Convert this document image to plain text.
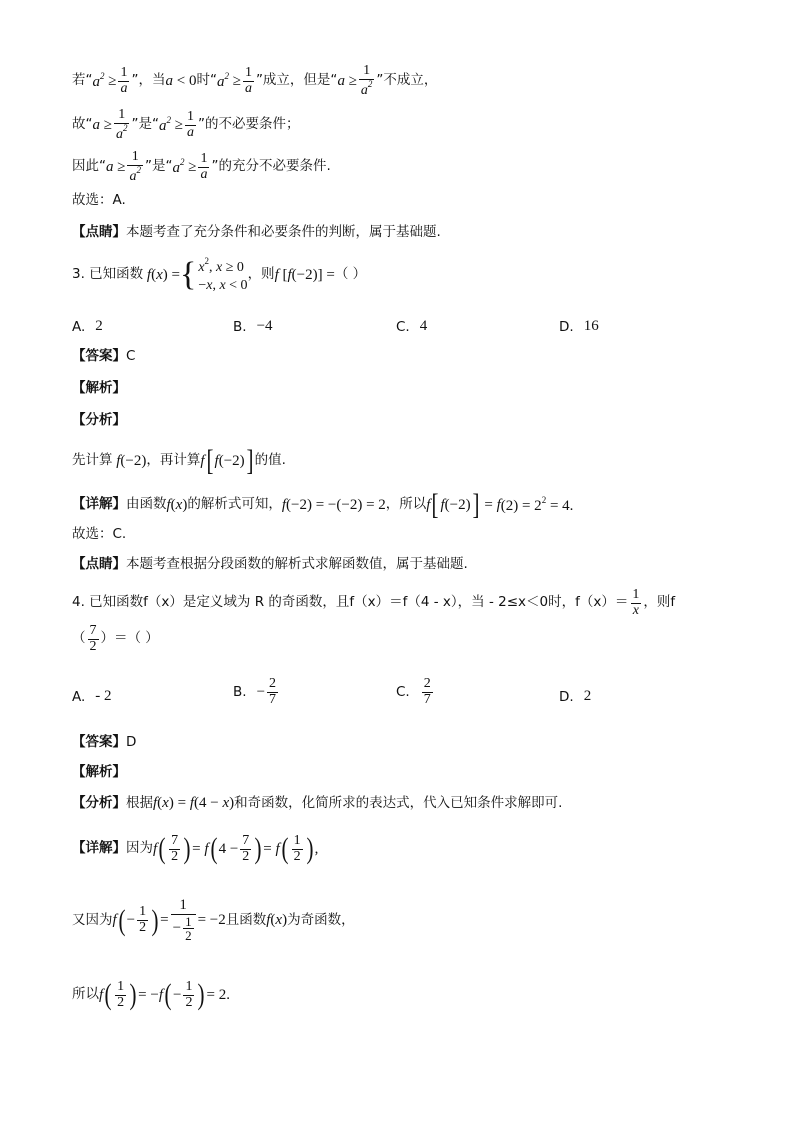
若“ $a^2 \ge \frac{1}{a}$ ”，当 a < 0 时“ $a^2 \ge \frac{1}{a}$ ”成立，但是“ $a \ge \frac{1}{a^2}$ ”不成立，
故“ $a \ge \frac{1}{a^2}$ ”是“ $a^2 \ge \frac{1}{a}$ ”的不必要条件；
因此“ $a \ge \frac{1}{a^2}$ ”是“ $a^2 \ge \frac{1}{a}$ ”的充分不必要条件.
故选：A.
【点睛】 本题考查了充分条件和必要条件的判断，属于基础题.
3. 已知函数 f ( x ) = { $x^2$, x ≥ 0
−x, x < 0
，则 f [ f (−2)] = （ ）
A. 2	B. −4	C. 4	D. 16
【答案】 C
【解析】
【分析】
先计算 f (−2) ，再计算 f [ f (−2) ] 的值.
【详解】 由函数 f ( x ) 的解析式可知， f (−2) = −(−2) = 2 ，所以 f [ f (−2) ] = f $(2) = 2^2 = 4$.
故选：C.
【点睛】 本题考查根据分段函数的解析式求解函数值，属于基础题.
4. 已知函数f（x）是定义域为 R 的奇函数，且f（x）＝f（4 - x），当 - 2≤x＜0时，$f(x)= \frac{1}{x}$ ，则f
（ $\frac{7}{2}$ ）＝（ ）
A. - 2	B. − $\frac{2}{7}$	C. $\frac{2}{7}$	D. 2
【答案】 D
【解析】
【分析】 根据 f ( x ) = f (4 − x ) 和奇函数，化简所求的表达式，代入已知条件求解即可.
【详解】 因为 f ( $\frac{7}{2}$ ) = f ( $4 - \frac{7}{2}$ ) = f ( $\frac{1}{2}$ ) ,
又因为 f ( − $\frac{1}{2}$ ) = $\frac{1}{- \frac{1}{2}} = -2$ 且函数 f ( x ) 为奇函数，
所以 f ( $\frac{1}{2}$ ) = − f ( − $\frac{1}{2}$ ) = 2.
